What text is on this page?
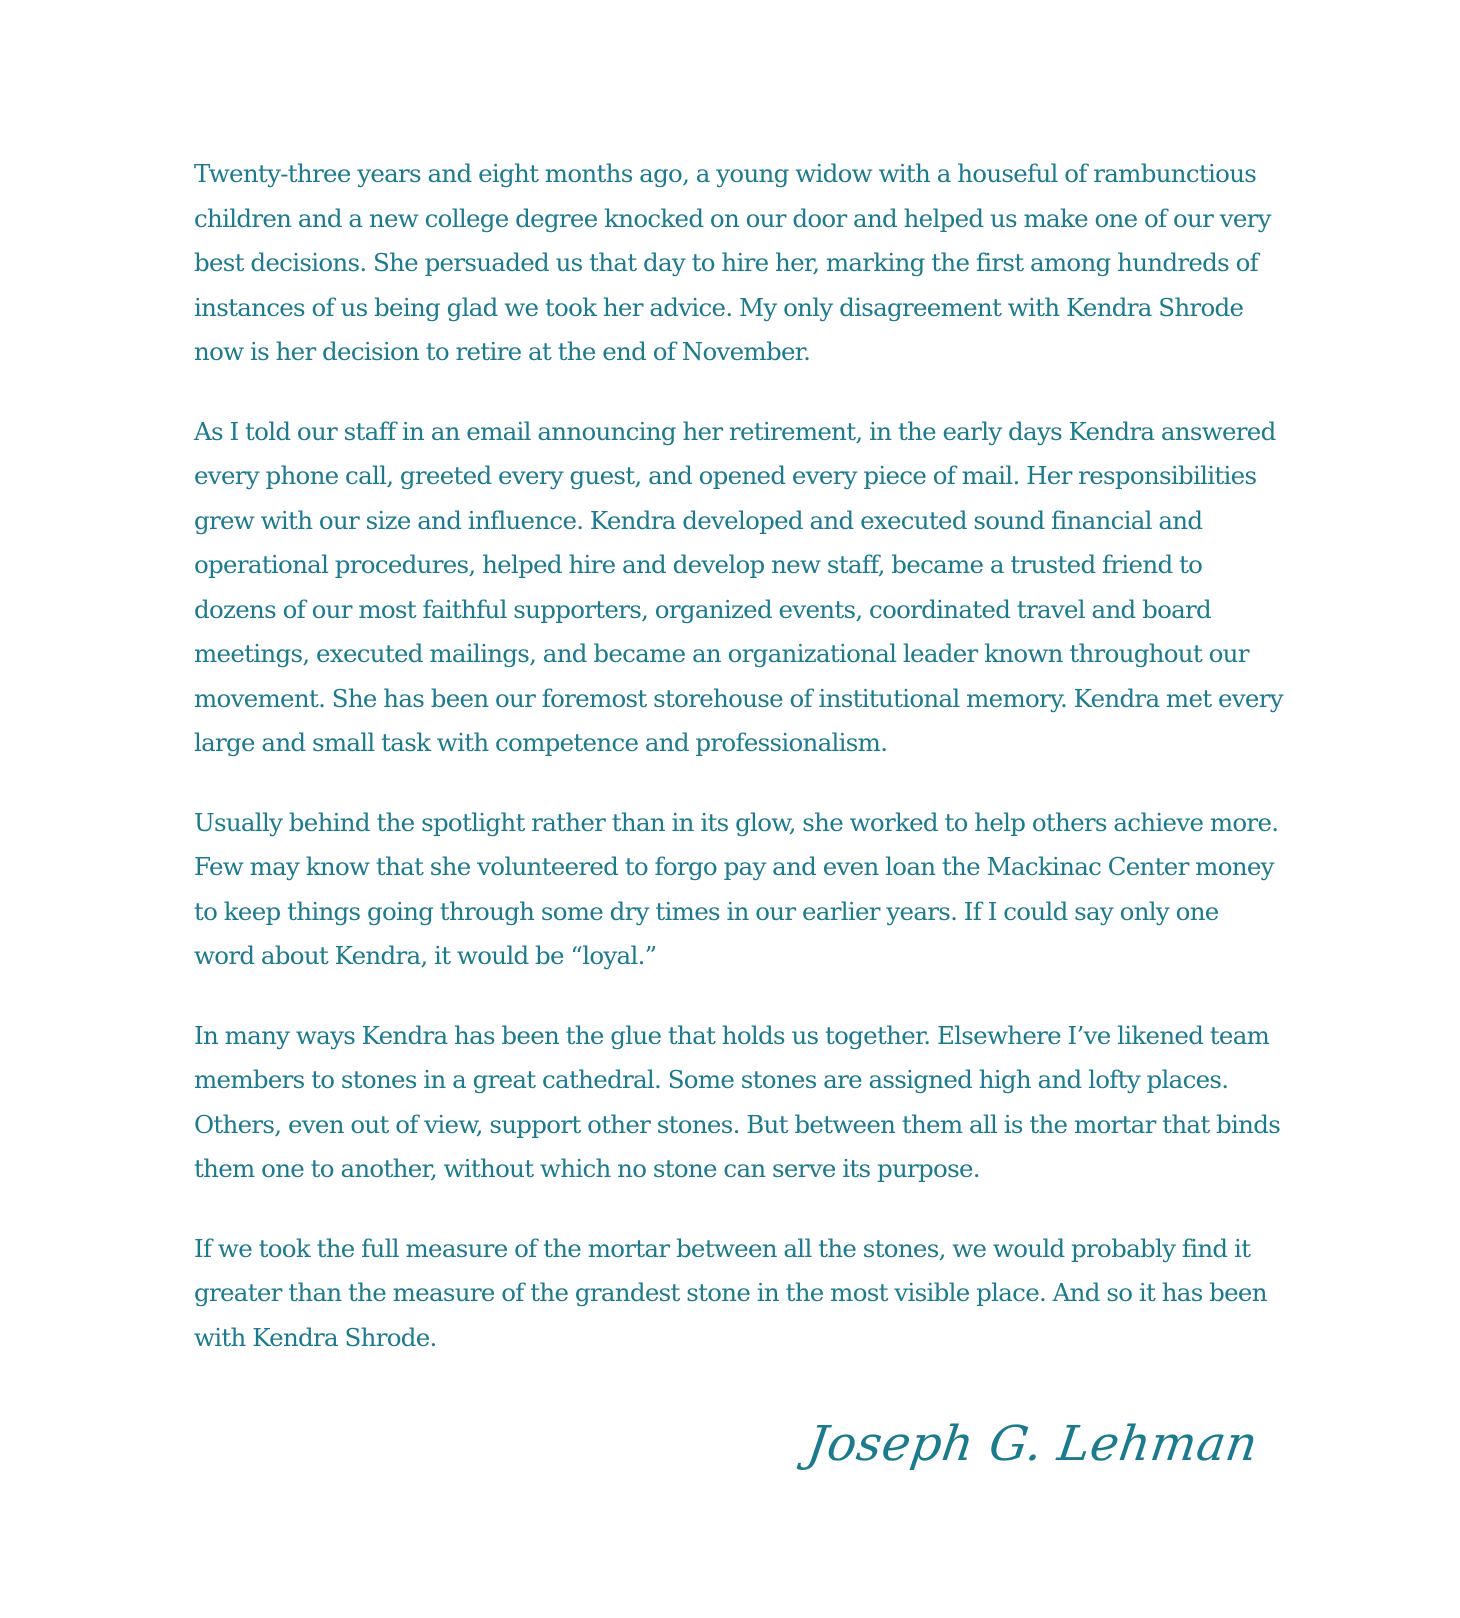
Twenty-three years and eight months ago, a young widow with a houseful of rambunctious children and a new college degree knocked on our door and helped us make one of our very best decisions. She persuaded us that day to hire her, marking the first among hundreds of instances of us being glad we took her advice. My only disagreement with Kendra Shrode now is her decision to retire at the end of November.

As I told our staff in an email announcing her retirement, in the early days Kendra answered every phone call, greeted every guest, and opened every piece of mail. Her responsibilities grew with our size and influence. Kendra developed and executed sound financial and operational procedures, helped hire and develop new staff, became a trusted friend to dozens of our most faithful supporters, organized events, coordinated travel and board meetings, executed mailings, and became an organizational leader known throughout our movement. She has been our foremost storehouse of institutional memory. Kendra met every large and small task with competence and professionalism.

Usually behind the spotlight rather than in its glow, she worked to help others achieve more. Few may know that she volunteered to forgo pay and even loan the Mackinac Center money to keep things going through some dry times in our earlier years. If I could say only one word about Kendra, it would be “loyal.”

In many ways Kendra has been the glue that holds us together. Elsewhere I’ve likened team members to stones in a great cathedral. Some stones are assigned high and lofty places. Others, even out of view, support other stones. But between them all is the mortar that binds them one to another, without which no stone can serve its purpose.

If we took the full measure of the mortar between all the stones, we would probably find it greater than the measure of the grandest stone in the most visible place. And so it has been with Kendra Shrode.

Joseph G. Lehman
